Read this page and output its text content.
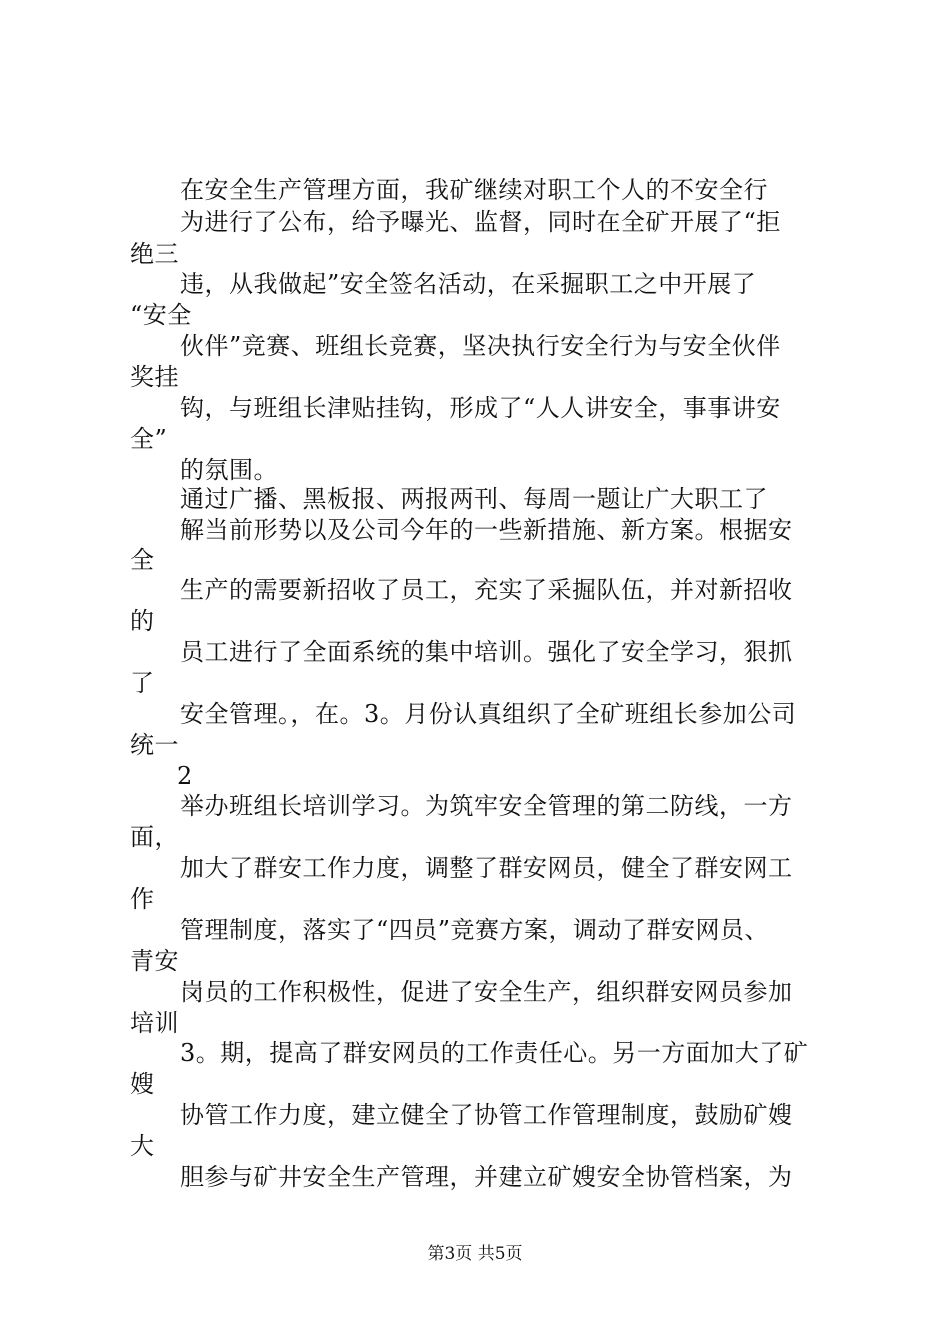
在安全生产管理方面，我矿继续对职工个人的不安全行
为进行了公布，给予曝光、监督，同时在全矿开展了“拒
绝三
违，从我做起”安全签名活动，在采掘职工之中开展了
“安全
伙伴”竞赛、班组长竞赛，坚决执行安全行为与安全伙伴
奖挂
钩，与班组长津贴挂钩，形成了“人人讲安全，事事讲安
全”
的氛围。
通过广播、黑板报、两报两刊、每周一题让广大职工了
解当前形势以及公司今年的一些新措施、新方案。根据安
全
生产的需要新招收了员工，充实了采掘队伍，并对新招收
的
员工进行了全面系统的集中培训。强化了安全学习，狠抓
了
安全管理。，在。3。月份认真组织了全矿班组长参加公司
统一
2
举办班组长培训学习。为筑牢安全管理的第二防线，一方
面，
加大了群安工作力度，调整了群安网员，健全了群安网工
作
管理制度，落实了“四员”竞赛方案，调动了群安网员、
青安
岗员的工作积极性，促进了安全生产，组织群安网员参加
培训
3。期，提高了群安网员的工作责任心。另一方面加大了矿
嫂
协管工作力度，建立健全了协管工作管理制度，鼓励矿嫂
大
胆参与矿井安全生产管理，并建立矿嫂安全协管档案，为
第3页 共5页
